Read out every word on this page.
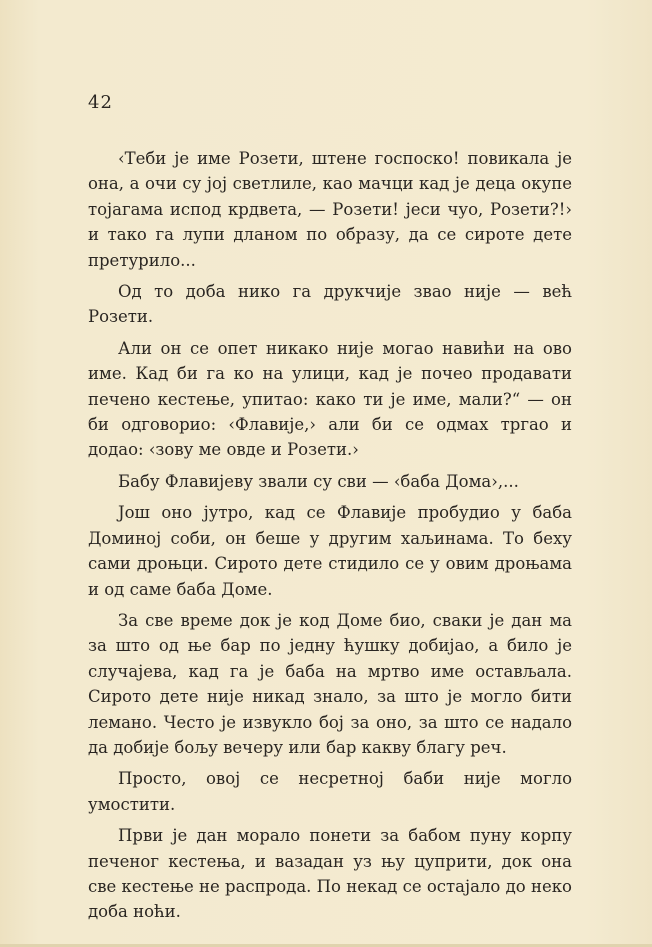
42

‹Теби је име Розети, штене госпоско! повикала је она, а очи су јој светлиле, као мачци кад је деца окупе тојагама испод крдвета, — Розети! јеси чуо, Розети?!› и тако га лупи дланом по образу, да се сироте дете претурило...

Од то доба нико га друкчије звао није — већ Розети.

Али он се опет никако није могао навићи на ово име. Кад би га ко на улици, кад је почео продавати печено кестење, упитао: како ти је име, мали?“ — он би одговорио: ‹Флавије,› али би се одмах тргао и додао: ‹зову ме овде и Розети.›

Бабу Флавијеву звали су сви — ‹баба Дома›,...

Још оно јутро, кад се Флавије пробудио у баба Доминој соби, он беше у другим хаљинама. То беху сами дроњци. Сирото дете стидило се у овим дроњама и од саме баба Доме.

За све време док је код Доме био, сваки је дан ма за што од ње бар по једну ћушку добијао, а било је случајева, кад га је баба на мртво име остављала. Сирото дете није никад знало, за што је могло бити лемано. Често је извукло бој за оно, за што се надало да добије бољу вечеру или бар какву благу реч.

Просто, овој се несретној баби није могло умостити.

Први је дан морало понети за бабом пуну корпу печеног кестења, и вазадан уз њу цуприти, док она све кестење не распрода. По некад се остајало до неко доба ноћи.
